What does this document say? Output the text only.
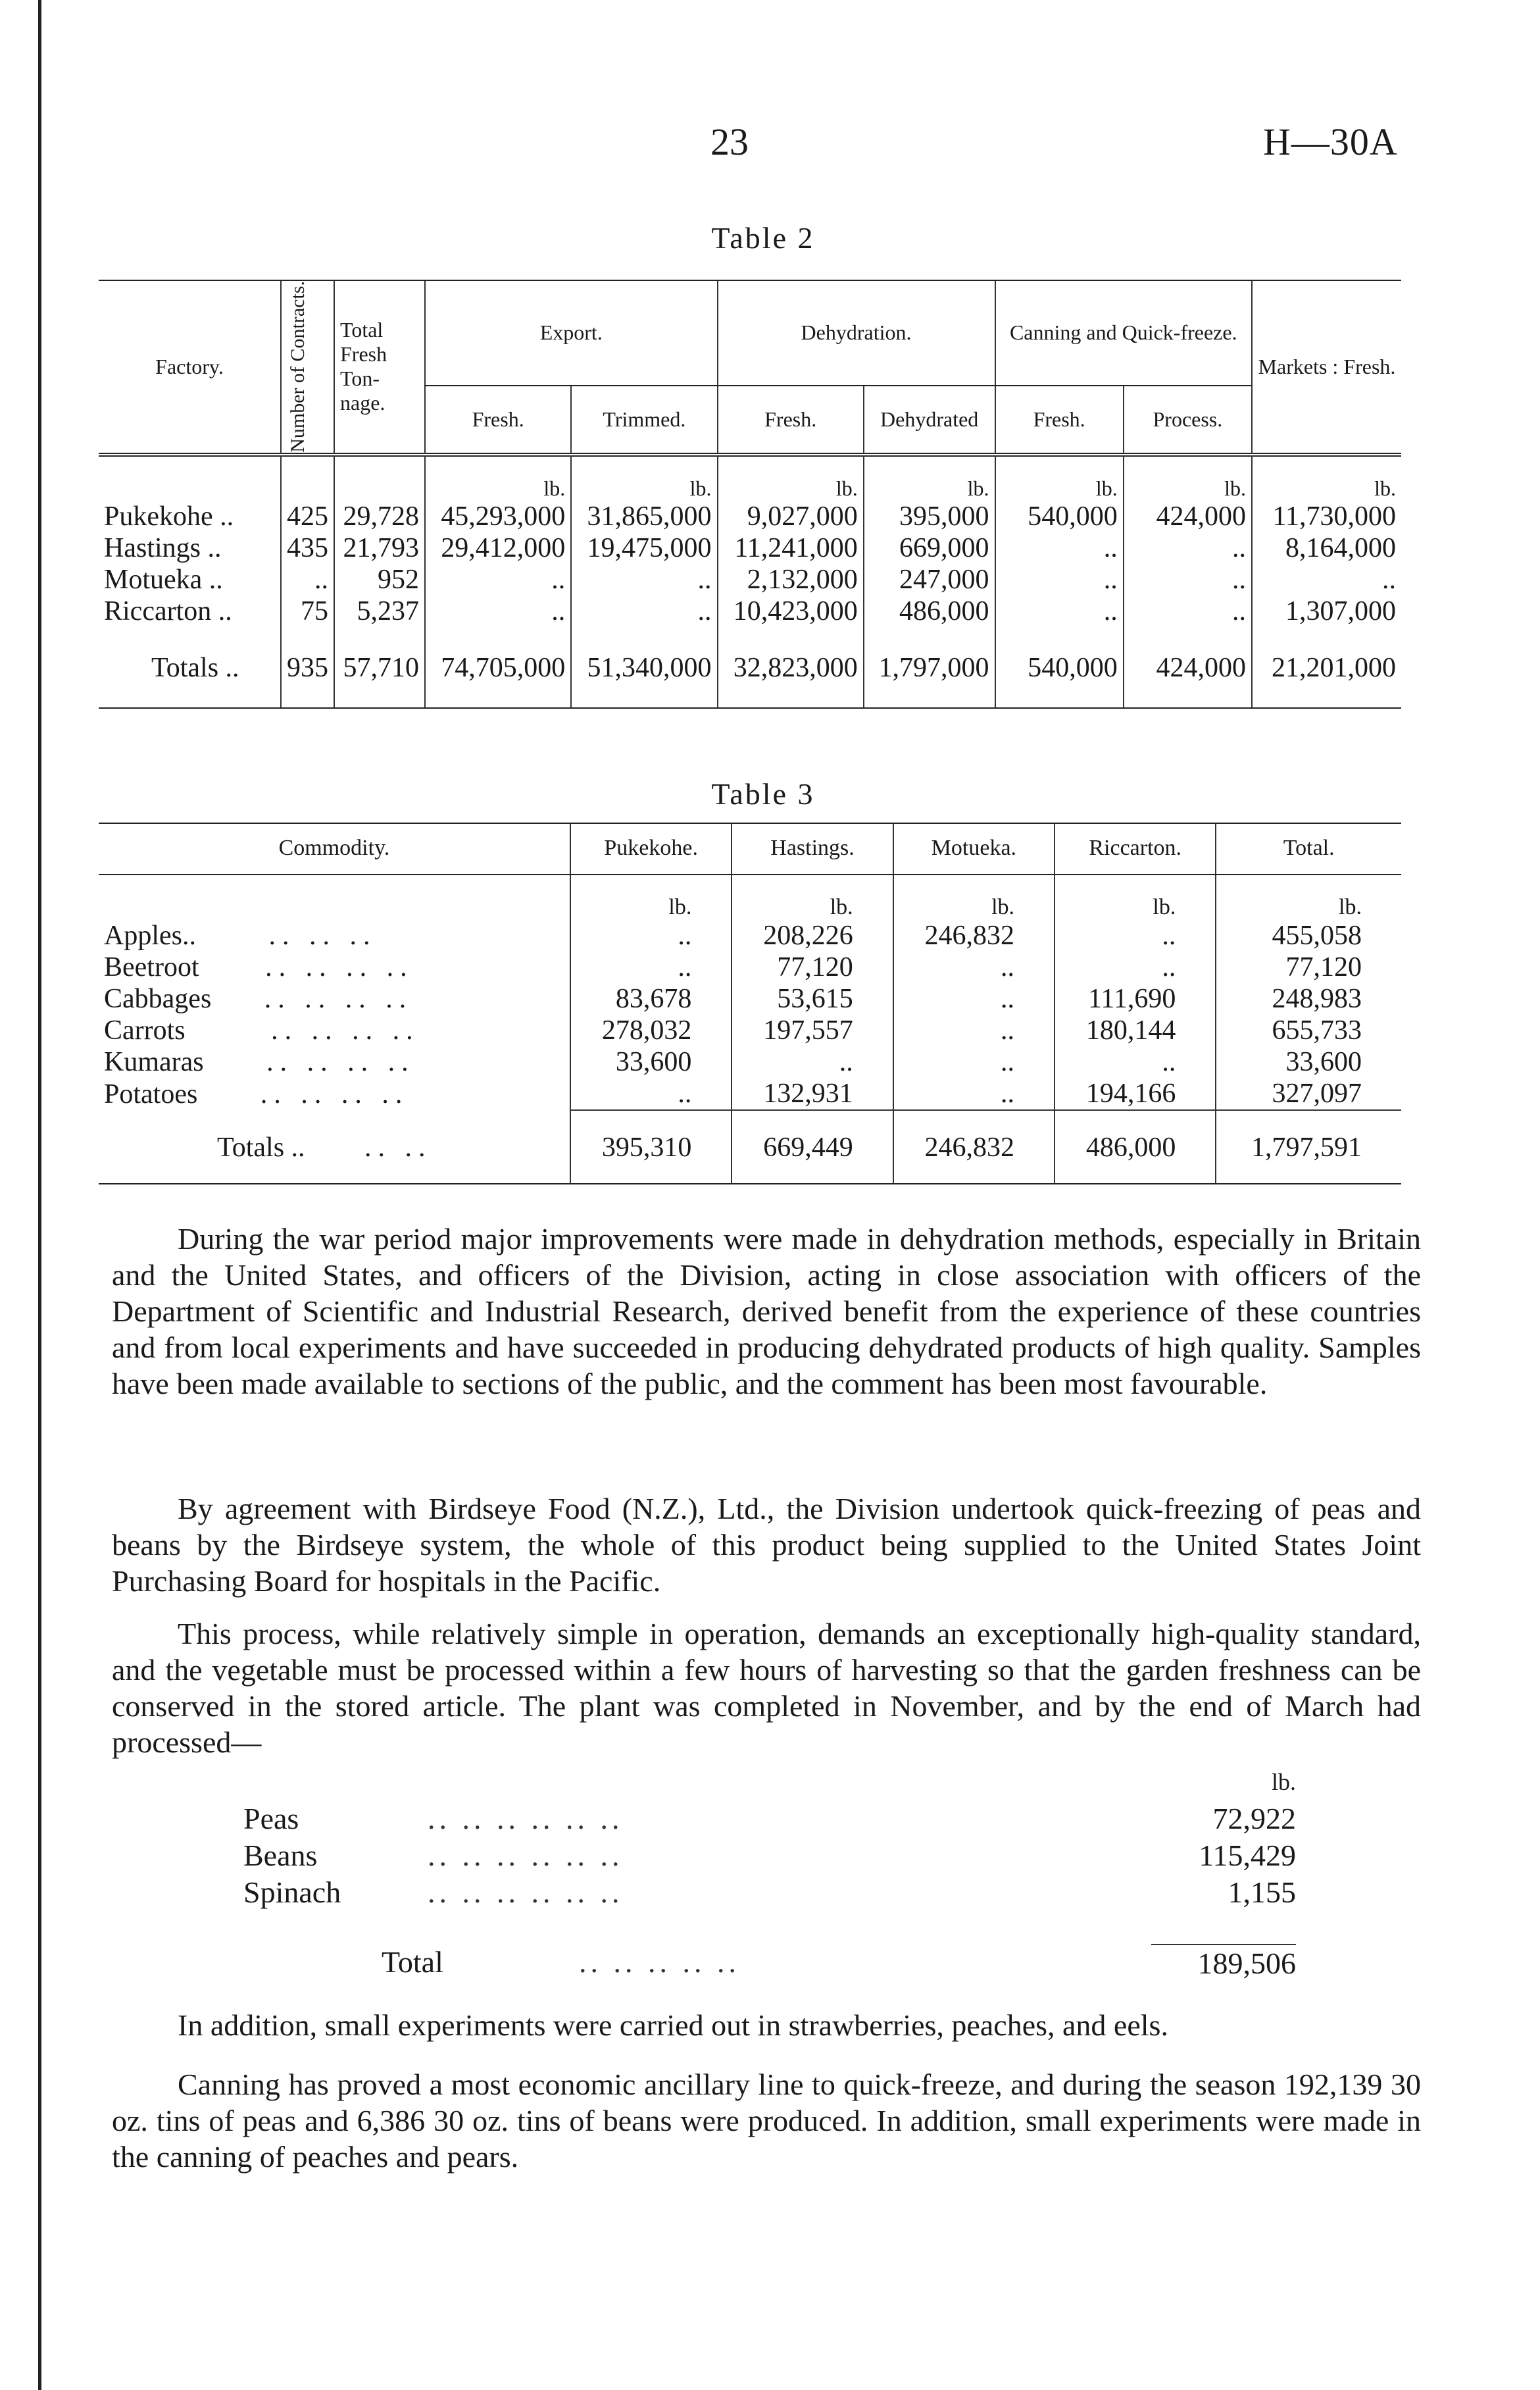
23	H—30A
Table 2
Factory.	Number of Contracts.	Total Fresh Ton-nage.	Export.		Dehydration.		Canning and Quick-freeze.		Markets : Fresh.
			Fresh.	Trimmed.	Fresh.	Dehydrated	Fresh.	Process.	

			lb.	lb.	lb.	lb.	lb.	lb.	lb.
Pukekohe ..	425	29,728	45,293,000	31,865,000	9,027,000	395,000	540,000	424,000	11,730,000
Hastings ..	435	21,793	29,412,000	19,475,000	11,241,000	669,000	..	..	8,164,000
Motueka ..	..	952	..	..	2,132,000	247,000	..	..	..
Riccarton ..	75	5,237	..	..	10,423,000	486,000	..	..	1,307,000
Totals ..	935	57,710	74,705,000	51,340,000	32,823,000	1,797,000	540,000	424,000	21,201,000
Table 3
Commodity.	Pukekohe.	Hastings.	Motueka.	Riccarton.	Total.
	lb.	lb.	lb.	lb.	lb.
Apples.. .. .. ..	..	208,226	246,832	..	455,058
Beetroot .. .. .. ..	..	77,120	..	..	77,120
Cabbages .. .. .. ..	83,678	53,615	..	111,690	248,983
Carrots .. .. .. ..	278,032	197,557	..	180,144	655,733
Kumaras .. .. .. ..	33,600	..	..	..	33,600
Potatoes .. .. .. ..	..	132,931	..	194,166	327,097
Totals .. .. ..	395,310	669,449	246,832	486,000	1,797,591

During the war period major improvements were made in dehydration methods, especially in Britain and the United States, and officers of the Division, acting in close association with officers of the Department of Scientific and Industrial Research, derived benefit from the experience of these countries and from local experiments and have succeeded in producing dehydrated products of high quality. Samples have been made available to sections of the public, and the comment has been most favourable.

By agreement with Birdseye Food (N.Z.), Ltd., the Division undertook quick-freezing of peas and beans by the Birdseye system, the whole of this product being supplied to the United States Joint Purchasing Board for hospitals in the Pacific.

This process, while relatively simple in operation, demands an exceptionally high-quality standard, and the vegetable must be processed within a few hours of harvesting so that the garden freshness can be conserved in the stored article. The plant was completed in November, and by the end of March had processed—

lb.
Peas	.. .. .. .. .. ..	72,922
Beans	.. .. .. .. .. ..	115,429
Spinach	.. .. .. .. .. ..	1,155
Total	.. .. .. .. ..	189,506

In addition, small experiments were carried out in strawberries, peaches, and eels.

Canning has proved a most economic ancillary line to quick-freeze, and during the season 192,139 30 oz. tins of peas and 6,386 30 oz. tins of beans were produced. In addition, small experiments were made in the canning of peaches and pears.
